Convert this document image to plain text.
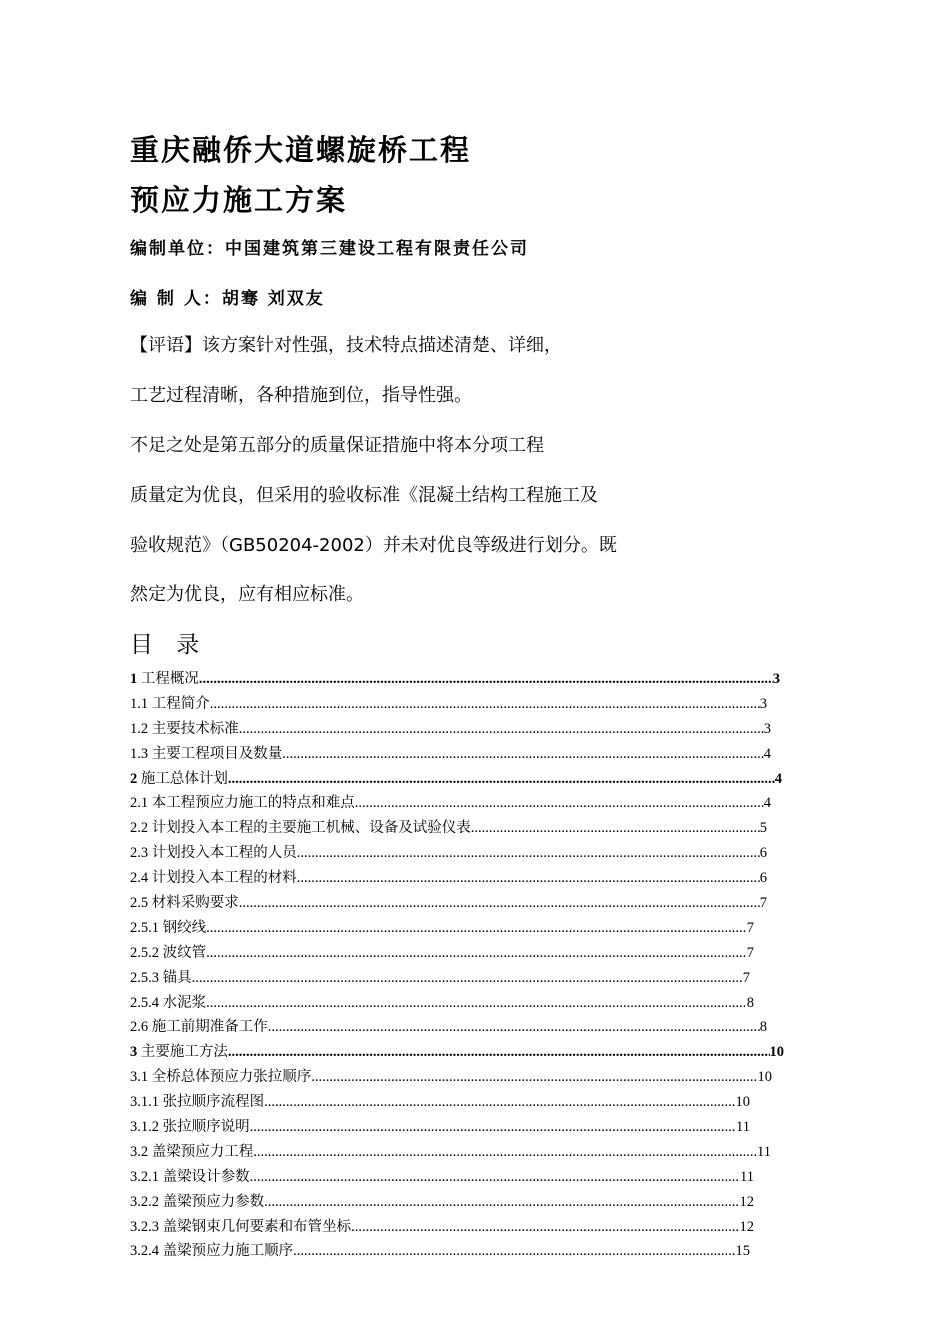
重庆融侨大道螺旋桥工程
预应力施工方案
编制单位：中国建筑第三建设工程有限责任公司
编 制 人：胡骞 刘双友
【评语】该方案针对性强，技术特点描述清楚、详细，
工艺过程清晰，各种措施到位，指导性强。
不足之处是第五部分的质量保证措施中将本分项工程
质量定为优良，但采用的验收标准《混凝土结构工程施工及
验收规范》（GB50204-2002）并未对优良等级进行划分。既
然定为优良，应有相应标准。
目 录
1 工程概况 .....	3
1.1 工程简介 .....	3
1.2 主要技术标准 .....	3
1.3 主要工程项目及数量 .....	4
2 施工总体计划 .....	4
2.1 本工程预应力施工的特点和难点 .....	4
2.2 计划投入本工程的主要施工机械、设备及试验仪表 .....	5
2.3 计划投入本工程的人员 .....	6
2.4 计划投入本工程的材料 .....	6
2.5 材料采购要求 .....	7
2.5.1 钢绞线 .....	7
2.5.2 波纹管 .....	7
2.5.3 锚具 .....	7
2.5.4 水泥浆 .....	8
2.6 施工前期准备工作 .....	8
3 主要施工方法 .....	10
3.1 全桥总体预应力张拉顺序 .....	10
3.1.1 张拉顺序流程图 .....	10
3.1.2 张拉顺序说明 .....	11
3.2 盖梁预应力工程 .....	11
3.2.1 盖梁设计参数 .....	11
3.2.2 盖梁预应力参数 .....	12
3.2.3 盖梁钢束几何要素和布管坐标 .....	12
3.2.4 盖梁预应力施工顺序 .....	15
